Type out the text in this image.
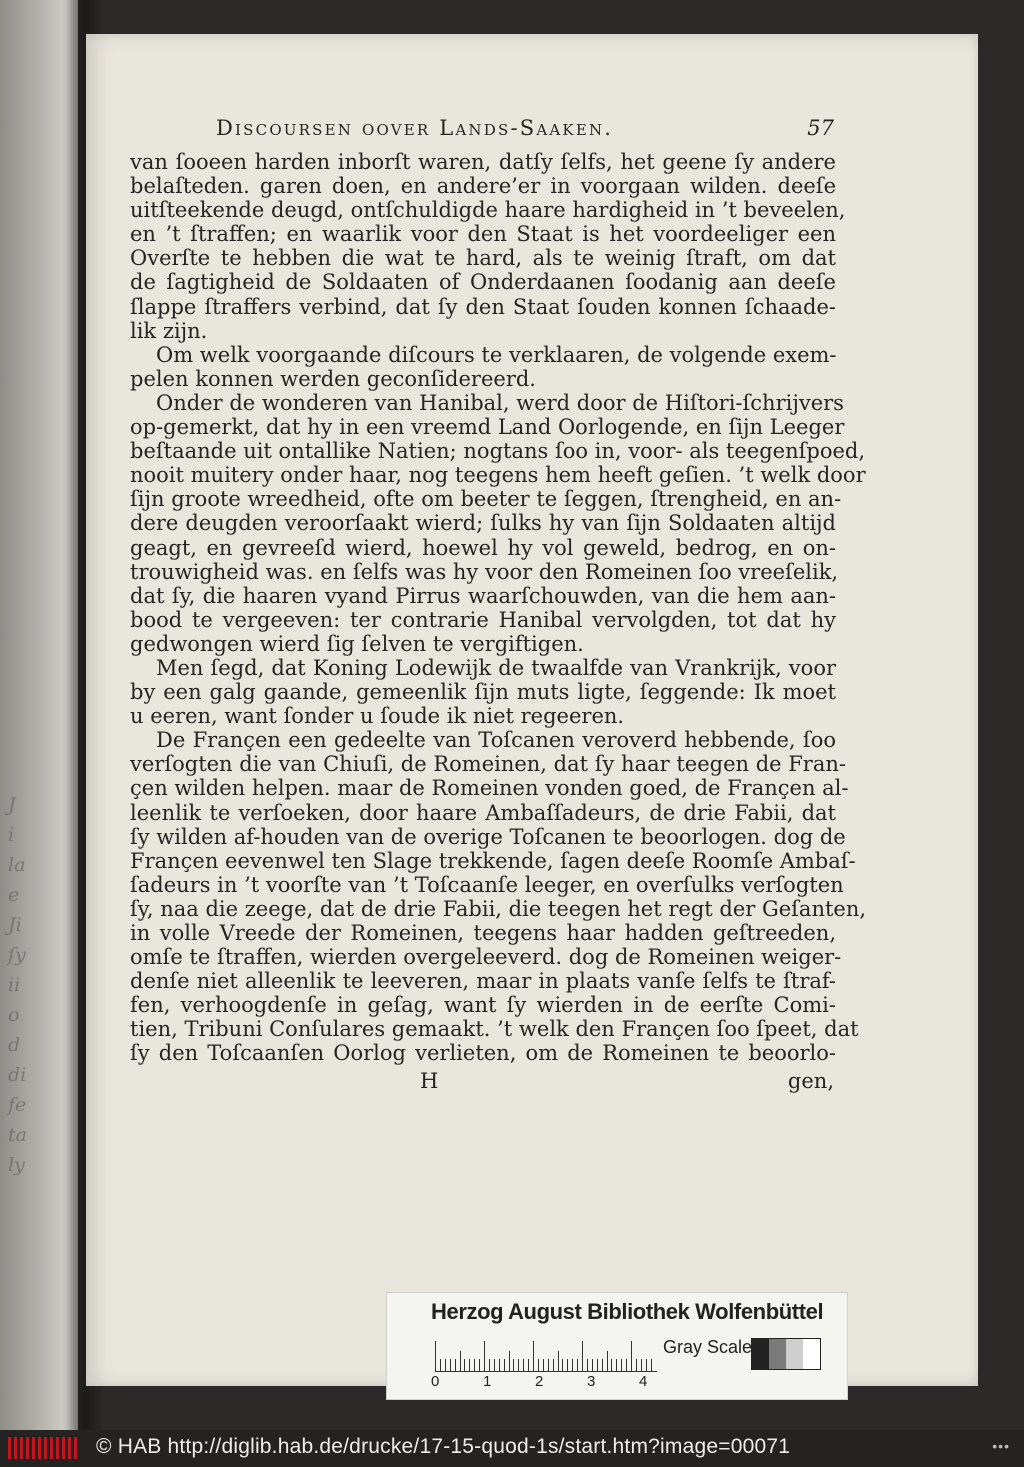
J
i
la
e
Ji
ſy
ii
o
d
di
fe
ta
ly
Discoursen oover Lands-Saaken.	57
van ſooeen harden inborſt waren, datſy ſelfs, het geene ſy andere
belaſteden. garen doen, en andere’er in voorgaan wilden. deeſe
uitſteekende deugd, ontſchuldigde haare hardigheid in ’t beveelen,
en ’t ſtraffen; en waarlik voor den Staat is het voordeeliger een
Overſte te hebben die wat te hard, als te weinig ſtraft, om dat
de ſagtigheid de Soldaaten of Onderdaanen ſoodanig aan deeſe
ſlappe ſtraffers verbind, dat ſy den Staat ſouden konnen ſchaade-
lik zijn.
Om welk voorgaande diſcours te verklaaren, de volgende exem-
pelen konnen werden geconſidereerd.
Onder de wonderen van Hanibal, werd door de Hiſtori-ſchrijvers
op-gemerkt, dat hy in een vreemd Land Oorlogende, en ſijn Leeger
beſtaande uit ontallike Natien; nogtans ſoo in, voor- als teegenſpoed,
nooit muitery onder haar, nog teegens hem heeft geſien. ’t welk door
ſijn groote wreedheid, ofte om beeter te ſeggen, ſtrengheid, en an-
dere deugden veroorſaakt wierd; ſulks hy van ſijn Soldaaten altijd
geagt, en gevreeſd wierd, hoewel hy vol geweld, bedrog, en on-
trouwigheid was. en ſelfs was hy voor den Romeinen ſoo vreeſelik,
dat ſy, die haaren vyand Pirrus waarſchouwden, van die hem aan-
bood te vergeeven: ter contrarie Hanibal vervolgden, tot dat hy
gedwongen wierd ſig ſelven te vergiftigen.
Men ſegd, dat Koning Lodewijk de twaalfde van Vrankrijk, voor
by een galg gaande, gemeenlik ſijn muts ligte, ſeggende: Ik moet
u eeren, want ſonder u ſoude ik niet regeeren.
De Françen een gedeelte van Toſcanen veroverd hebbende, ſoo
verſogten die van Chiuſi, de Romeinen, dat ſy haar teegen de Fran-
çen wilden helpen. maar de Romeinen vonden goed, de Françen al-
leenlik te verſoeken, door haare Ambaſſadeurs, de drie Fabii, dat
ſy wilden af-houden van de overige Toſcanen te beoorlogen. dog de
Françen eevenwel ten Slage trekkende, ſagen deeſe Roomſe Ambaſ-
ſadeurs in ’t voorſte van ’t Toſcaanſe leeger, en overſulks verſogten
ſy, naa die zeege, dat de drie Fabii, die teegen het regt der Geſanten,
in volle Vreede der Romeinen, teegens haar hadden geſtreeden,
omſe te ſtraffen, wierden overgeleeverd. dog de Romeinen weiger-
denſe niet alleenlik te leeveren, maar in plaats vanſe ſelfs te ſtraf-
fen, verhoogdenſe in geſag, want ſy wierden in de eerſte Comi-
tien, Tribuni Conſulares gemaakt. ’t welk den Françen ſoo ſpeet, dat
ſy den Toſcaanſen Oorlog verlieten, om de Romeinen te beoorlo-
H	gen,
Herzog August Bibliothek Wolfenbüttel
0	1	2	3	4
Gray Scale
© HAB http://diglib.hab.de/drucke/17-15-quod-1s/start.htm?image=00071	•••
